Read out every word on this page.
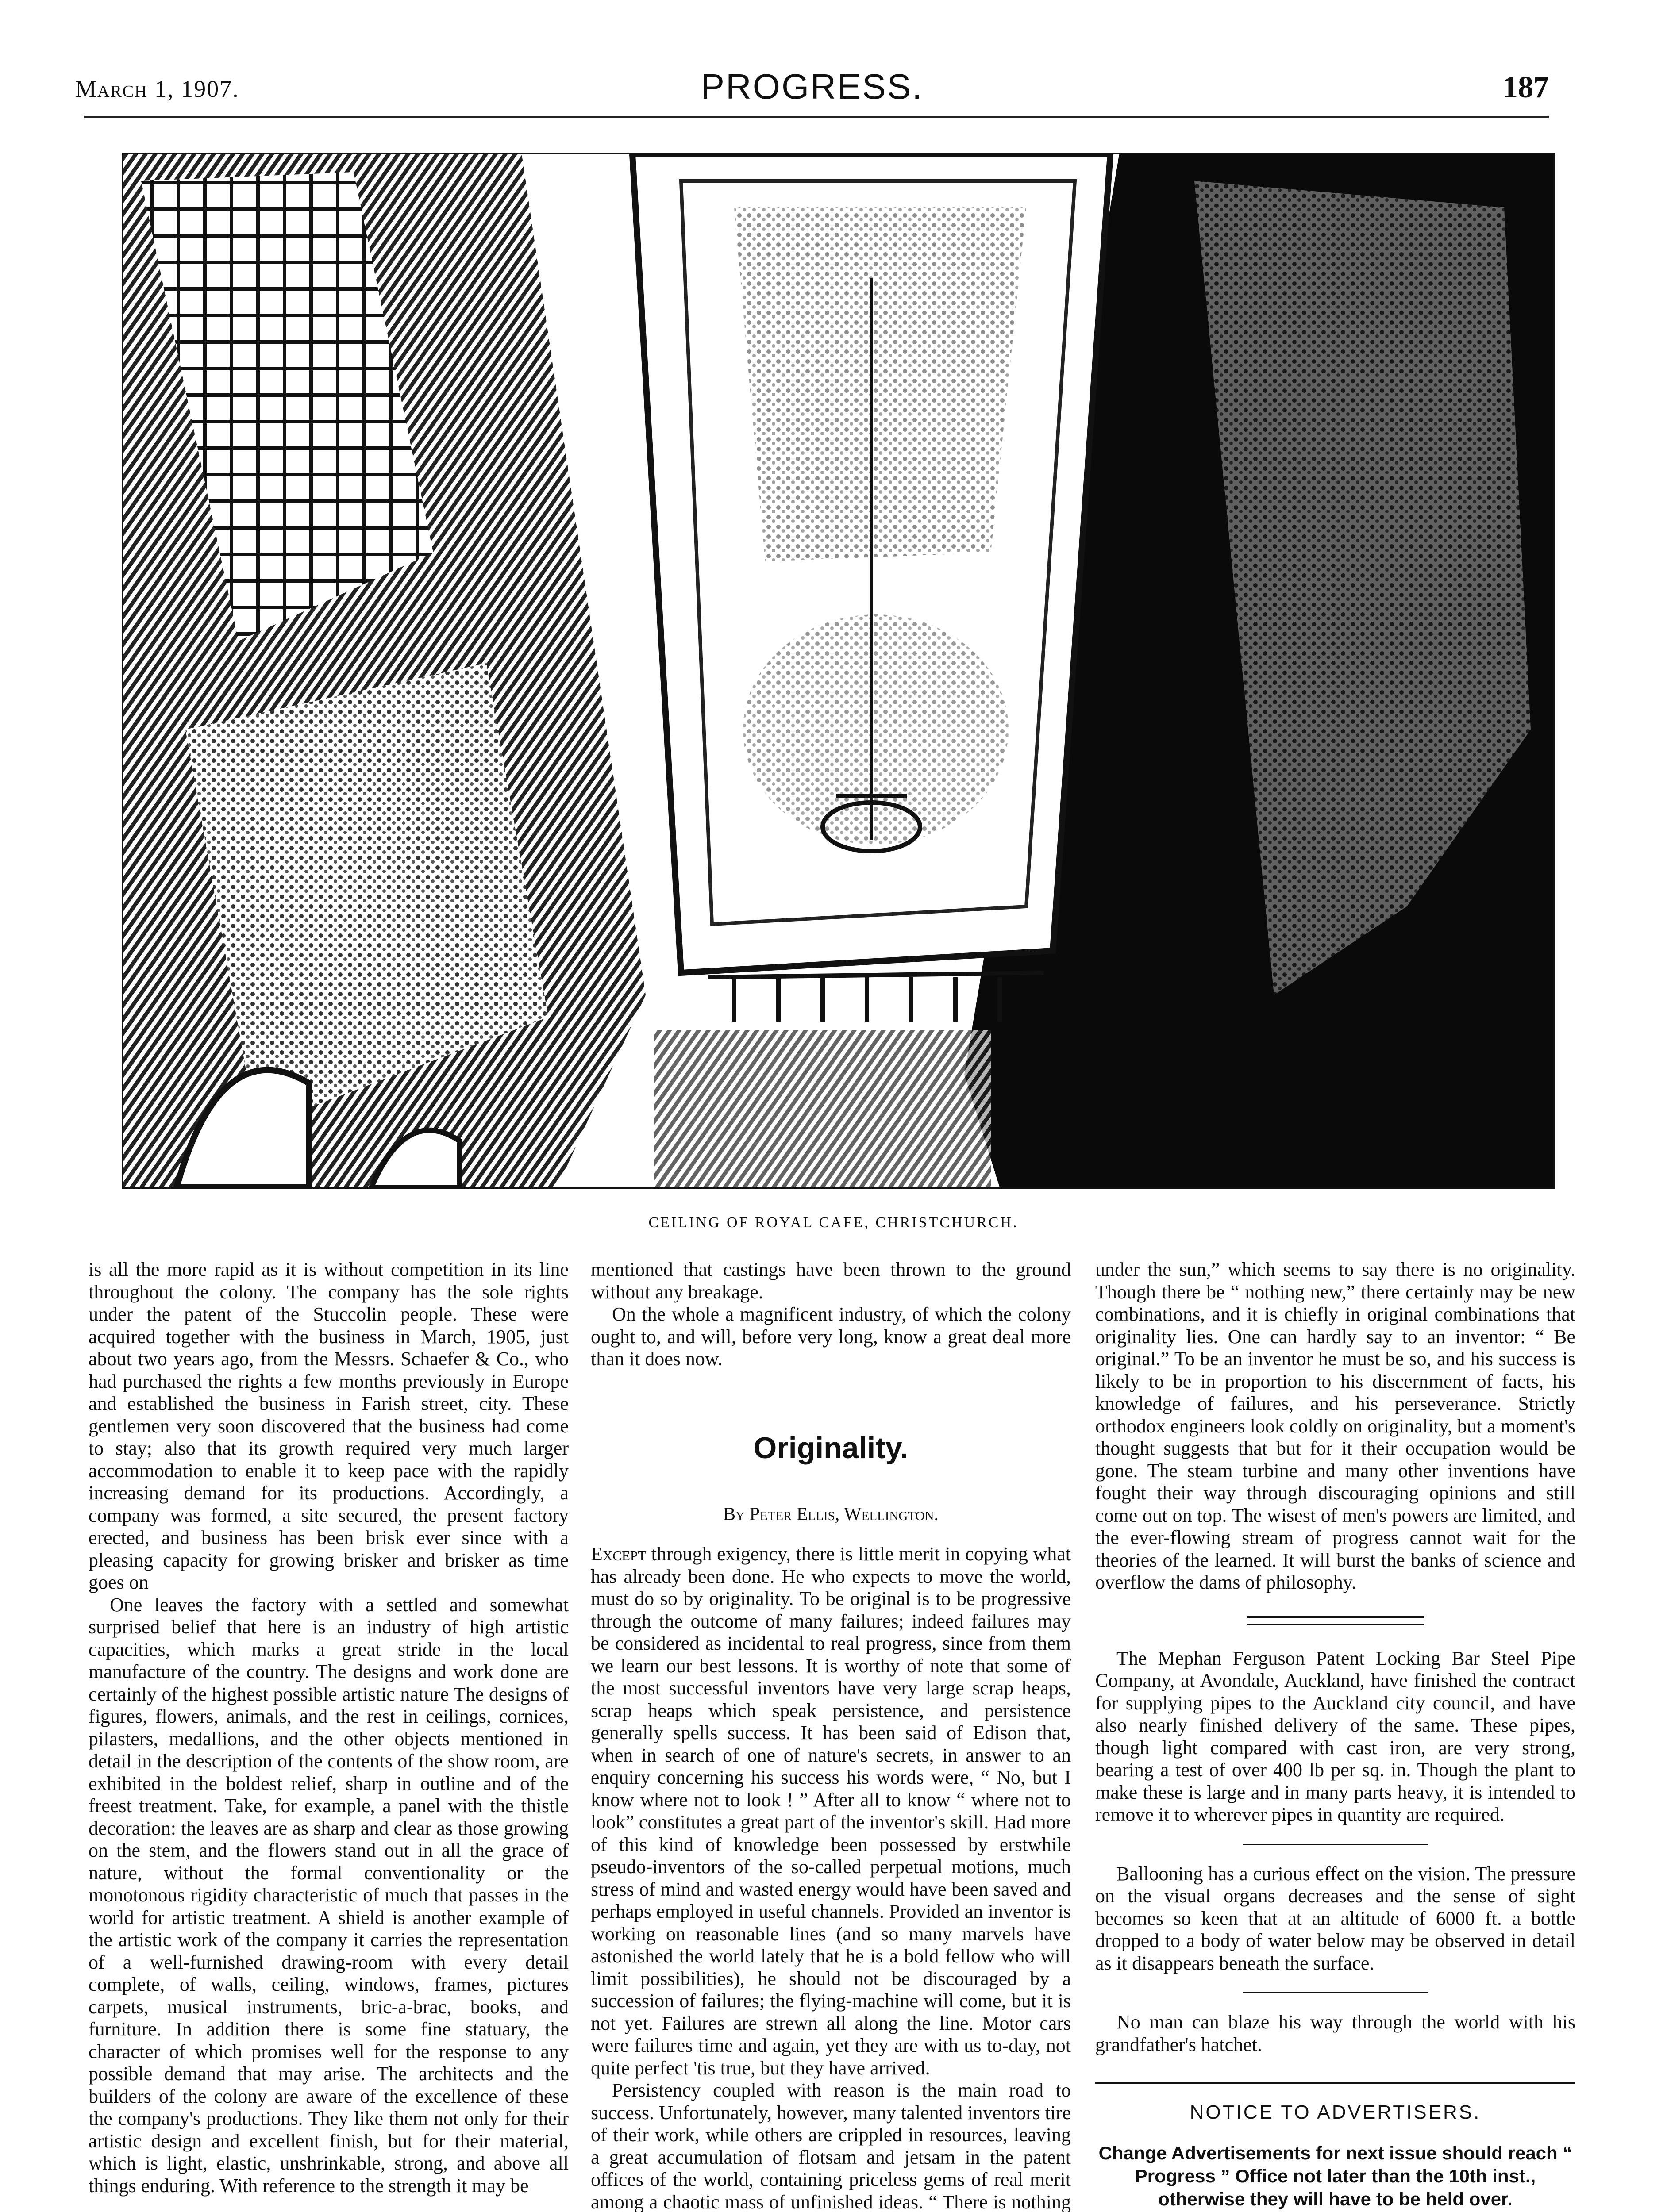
March 1, 1907.	PROGRESS.	187
CEILING OF ROYAL CAFE, CHRISTCHURCH.

is all the more rapid as it is without competition in its line throughout the colony. The company has the sole rights under the patent of the Stuccolin people. These were acquired together with the business in March, 1905, just about two years ago, from the Messrs. Schaefer & Co., who had purchased the rights a few months previously in Europe and established the business in Farish street, city. These gentlemen very soon discovered that the business had come to stay; also that its growth required very much larger accommodation to enable it to keep pace with the rapidly increasing demand for its productions. Accordingly, a company was formed, a site secured, the present factory erected, and business has been brisk ever since with a pleasing capacity for growing brisker and brisker as time goes on

One leaves the factory with a settled and somewhat surprised belief that here is an industry of high artistic capacities, which marks a great stride in the local manufacture of the country. The designs and work done are certainly of the highest possible artistic nature The designs of figures, flowers, animals, and the rest in ceilings, cornices, pilasters, medallions, and the other objects mentioned in detail in the description of the contents of the show room, are exhibited in the boldest relief, sharp in outline and of the freest treatment. Take, for example, a panel with the thistle decoration: the leaves are as sharp and clear as those growing on the stem, and the flowers stand out in all the grace of nature, without the formal conventionality or the monotonous rigidity characteristic of much that passes in the world for artistic treatment. A shield is another example of the artistic work of the company it carries the representation of a well-furnished drawing-room with every detail complete, of walls, ceiling, windows, frames, pictures carpets, musical instruments, bric-a-brac, books, and furniture. In addition there is some fine statuary, the character of which promises well for the response to any possible demand that may arise. The architects and the builders of the colony are aware of the excellence of these the company's productions. They like them not only for their artistic design and excellent finish, but for their material, which is light, elastic, unshrinkable, strong, and above all things enduring. With reference to the strength it may be

mentioned that castings have been thrown to the ground without any breakage.

On the whole a magnificent industry, of which the colony ought to, and will, before very long, know a great deal more than it does now.

Originality.
By Peter Ellis, Wellington.

Except through exigency, there is little merit in copying what has already been done. He who expects to move the world, must do so by originality. To be original is to be progressive through the outcome of many failures; indeed failures may be considered as incidental to real progress, since from them we learn our best lessons. It is worthy of note that some of the most successful inventors have very large scrap heaps, scrap heaps which speak persistence, and persistence generally spells success. It has been said of Edison that, when in search of one of nature's secrets, in answer to an enquiry concerning his success his words were, “ No, but I know where not to look ! ” After all to know “ where not to look” constitutes a great part of the inventor's skill. Had more of this kind of knowledge been possessed by erstwhile pseudo-inventors of the so-called perpetual motions, much stress of mind and wasted energy would have been saved and perhaps employed in useful channels. Provided an inventor is working on reasonable lines (and so many marvels have astonished the world lately that he is a bold fellow who will limit possibilities), he should not be discouraged by a succession of failures; the flying-machine will come, but it is not yet. Failures are strewn all along the line. Motor cars were failures time and again, yet they are with us to-day, not quite perfect 'tis true, but they have arrived.

Persistency coupled with reason is the main road to success. Unfortunately, however, many talented inventors tire of their work, while others are crippled in resources, leaving a great accumulation of flotsam and jetsam in the patent offices of the world, containing priceless gems of real merit among a chaotic mass of unfinished ideas. “ There is nothing

under the sun,” which seems to say there is no originality. Though there be “ nothing new,” there certainly may be new combinations, and it is chiefly in original combinations that originality lies. One can hardly say to an inventor: “ Be original.” To be an inventor he must be so, and his success is likely to be in proportion to his discernment of facts, his knowledge of failures, and his perseverance. Strictly orthodox engineers look coldly on originality, but a moment's thought suggests that but for it their occupation would be gone. The steam turbine and many other inventions have fought their way through discouraging opinions and still come out on top. The wisest of men's powers are limited, and the ever-flowing stream of progress cannot wait for the theories of the learned. It will burst the banks of science and overflow the dams of philosophy.

The Mephan Ferguson Patent Locking Bar Steel Pipe Company, at Avondale, Auckland, have finished the contract for supplying pipes to the Auckland city council, and have also nearly finished delivery of the same. These pipes, though light compared with cast iron, are very strong, bearing a test of over 400 lb per sq. in. Though the plant to make these is large and in many parts heavy, it is intended to remove it to wherever pipes in quantity are required.

Ballooning has a curious effect on the vision. The pressure on the visual organs decreases and the sense of sight becomes so keen that at an altitude of 6000 ft. a bottle dropped to a body of water below may be observed in detail as it disappears beneath the surface.

No man can blaze his way through the world with his grandfather's hatchet.

NOTICE TO ADVERTISERS.
Change Advertisements for next issue should reach “ Progress ” Office not later than the 10th inst., otherwise they will have to be held over.
